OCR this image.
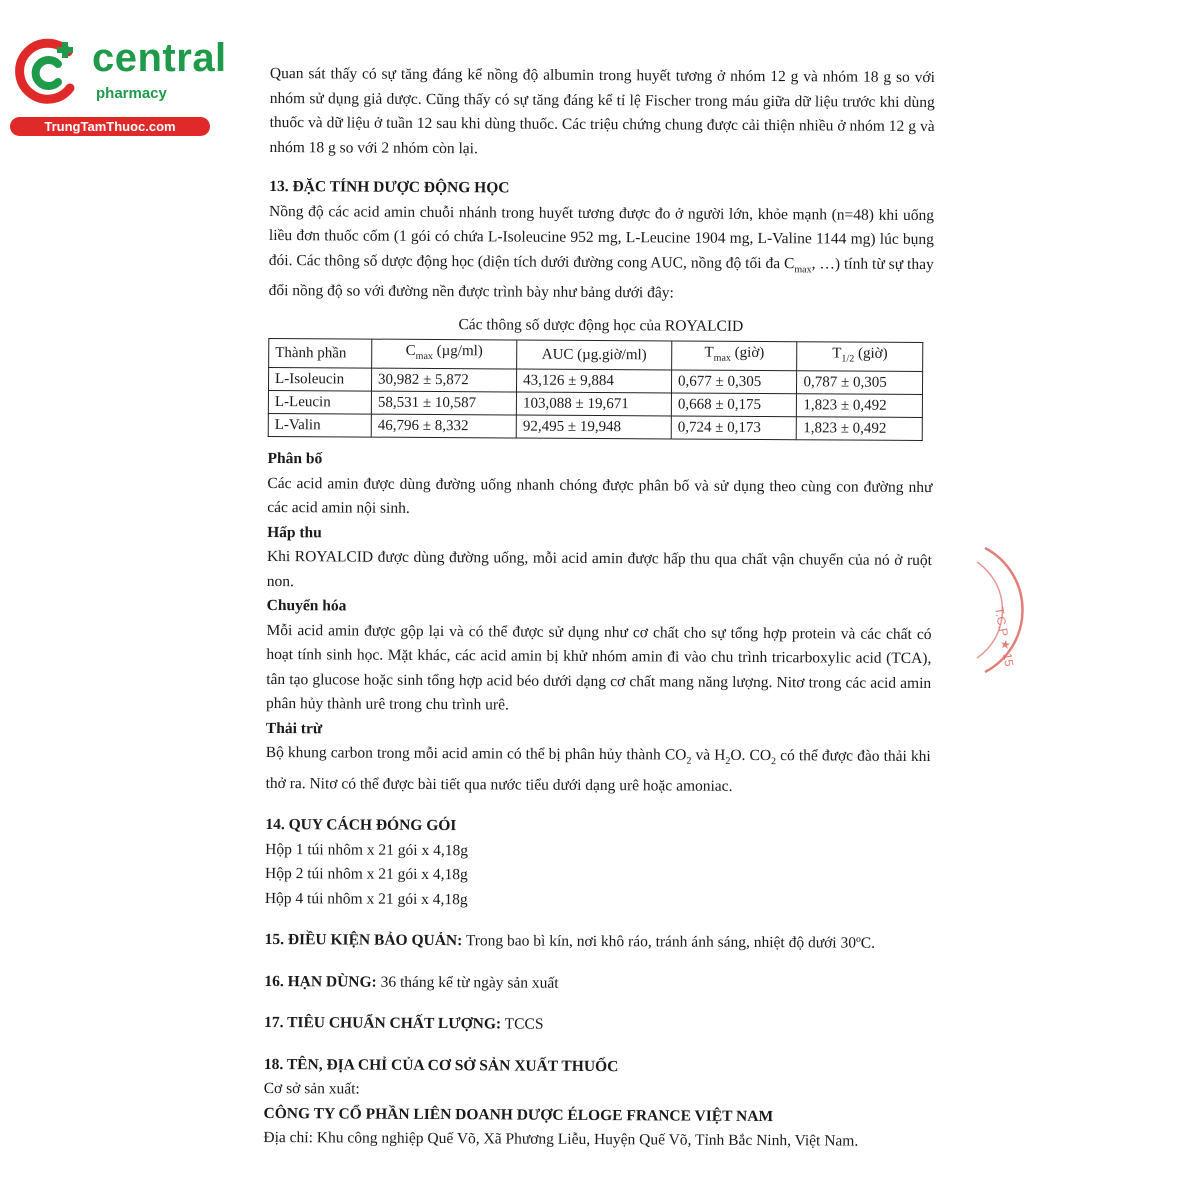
central
pharmacy
TrungTamThuoc.com

Quan sát thấy có sự tăng đáng kể nồng độ albumin trong huyết tương ở nhóm 12 g và nhóm 18 g so với nhóm sử dụng giả dược. Cũng thấy có sự tăng đáng kể tỉ lệ Fischer trong máu giữa dữ liệu trước khi dùng thuốc và dữ liệu ở tuần 12 sau khi dùng thuốc. Các triệu chứng chung được cải thiện nhiều ở nhóm 12 g và nhóm 18 g so với 2 nhóm còn lại.

13. ĐẶC TÍNH DƯỢC ĐỘNG HỌC

Nồng độ các acid amin chuỗi nhánh trong huyết tương được đo ở người lớn, khỏe mạnh (n=48) khi uống liều đơn thuốc cốm (1 gói có chứa L-Isoleucine 952 mg, L-Leucine 1904 mg, L-Valine 1144 mg) lúc bụng đói. Các thông số dược động học (diện tích dưới đường cong AUC, nồng độ tối đa $C_{max}$, …) tính từ sự thay đổi nồng độ so với đường nền được trình bày như bảng dưới đây:

Các thông số dược động học của ROYALCID
Thành phần	$C_{max}$ (µg/ml)	AUC (µg.giờ/ml)	$T_{max}$ (giờ)	$T_{1/2}$ (giờ)
L-Isoleucin	30,982 ± 5,872	43,126 ± 9,884	0,677 ± 0,305	0,787 ± 0,305
L-Leucin	58,531 ± 10,587	103,088 ± 19,671	0,668 ± 0,175	1,823 ± 0,492
L-Valin	46,796 ± 8,332	92,495 ± 19,948	0,724 ± 0,173	1,823 ± 0,492

Phân bố

Các acid amin được dùng đường uống nhanh chóng được phân bố và sử dụng theo cùng con đường như các acid amin nội sinh.

Hấp thu

Khi ROYALCID được dùng đường uống, mỗi acid amin được hấp thu qua chất vận chuyển của nó ở ruột non.

Chuyển hóa

Mỗi acid amin được gộp lại và có thể được sử dụng như cơ chất cho sự tổng hợp protein và các chất có hoạt tính sinh học. Mặt khác, các acid amin bị khử nhóm amin đi vào chu trình tricarboxylic acid (TCA), tân tạo glucose hoặc sinh tổng hợp acid béo dưới dạng cơ chất mang năng lượng. Nitơ trong các acid amin phân hủy thành urê trong chu trình urê.

Thải trừ

Bộ khung carbon trong mỗi acid amin có thể bị phân hủy thành $CO_2$ và $H_2O$. $CO_2$ có thể được đào thải khi thở ra. Nitơ có thể được bài tiết qua nước tiểu dưới dạng urê hoặc amoniac.

14. QUY CÁCH ĐÓNG GÓI

Hộp 1 túi nhôm x 21 gói x 4,18g

Hộp 2 túi nhôm x 21 gói x 4,18g

Hộp 4 túi nhôm x 21 gói x 4,18g

15. ĐIỀU KIỆN BẢO QUẢN: Trong bao bì kín, nơi khô ráo, tránh ánh sáng, nhiệt độ dưới 30ºC.

16. HẠN DÙNG: 36 tháng kể từ ngày sản xuất

17. TIÊU CHUẨN CHẤT LƯỢNG: TCCS

18. TÊN, ĐỊA CHỈ CỦA CƠ SỞ SẢN XUẤT THUỐC

Cơ sở sản xuất:

CÔNG TY CỔ PHẦN LIÊN DOANH DƯỢC ÉLOGE FRANCE VIỆT NAM

Địa chỉ: Khu công nghiệp Quế Võ, Xã Phương Liễu, Huyện Quế Võ, Tỉnh Bắc Ninh, Việt Nam.

T.C.P ★ 15
